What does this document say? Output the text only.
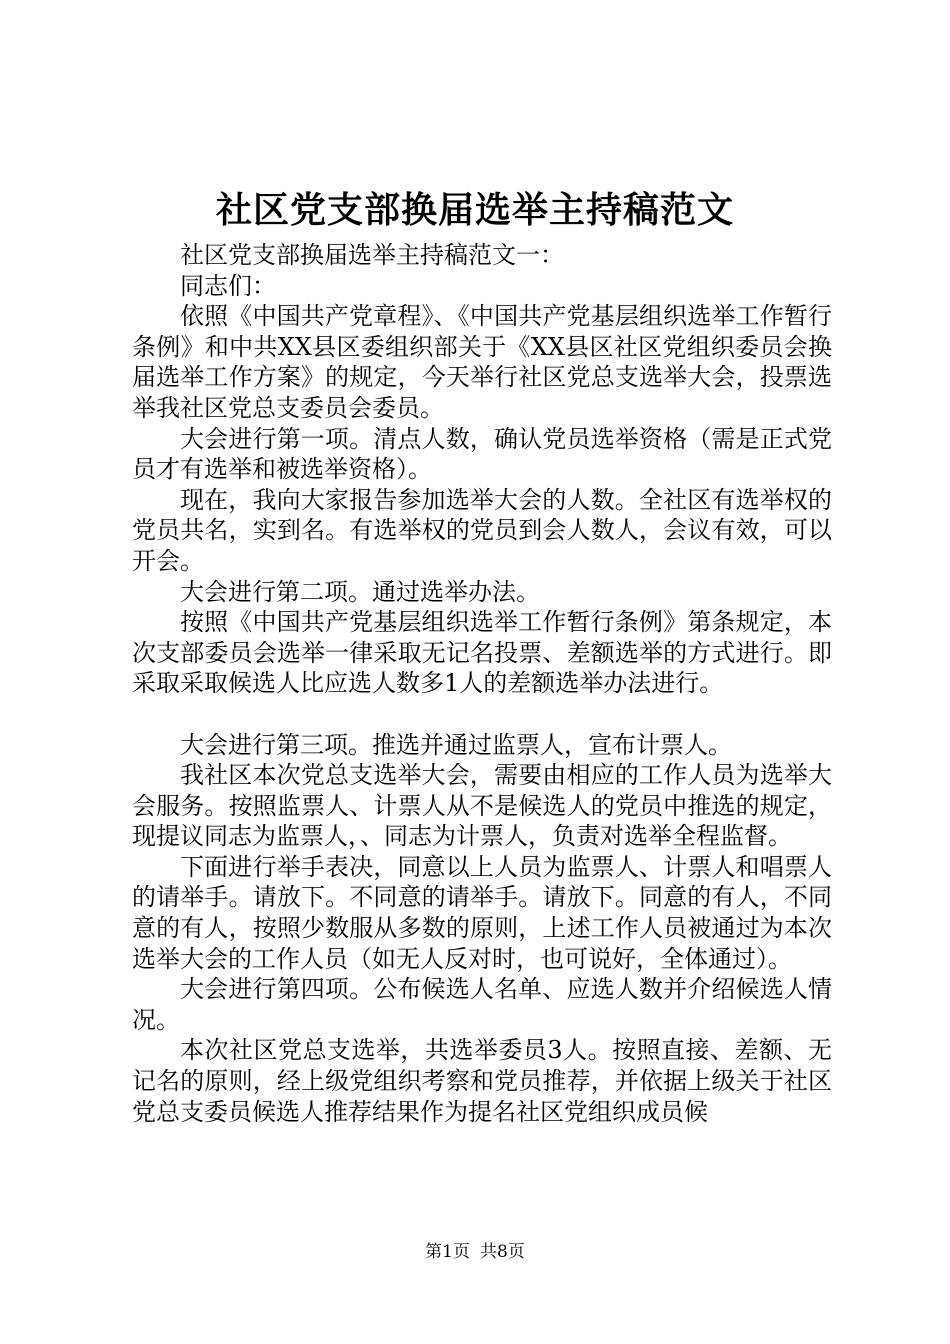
社区党支部换届选举主持稿范文

社区党支部换届选举主持稿范文一：

同志们：

依照《中国共产党章程》、《中国共产党基层组织选举工作暂行条例》和中共XX县区委组织部关于《XX县区社区党组织委员会换届选举工作方案》的规定，今天举行社区党总支选举大会，投票选举我社区党总支委员会委员。

大会进行第一项。清点人数，确认党员选举资格（需是正式党员才有选举和被选举资格）。

现在，我向大家报告参加选举大会的人数。全社区有选举权的党员共名，实到名。有选举权的党员到会人数人，会议有效，可以开会。

大会进行第二项。通过选举办法。

按照《中国共产党基层组织选举工作暂行条例》第条规定，本次支部委员会选举一律采取无记名投票、差额选举的方式进行。即采取采取候选人比应选人数多1人的差额选举办法进行。

大会进行第三项。推选并通过监票人，宣布计票人。

我社区本次党总支选举大会，需要由相应的工作人员为选举大会服务。按照监票人、计票人从不是候选人的党员中推选的规定，现提议同志为监票人，、同志为计票人，负责对选举全程监督。

下面进行举手表决，同意以上人员为监票人、计票人和唱票人的请举手。请放下。不同意的请举手。请放下。同意的有人，不同意的有人，按照少数服从多数的原则，上述工作人员被通过为本次选举大会的工作人员（如无人反对时，也可说好，全体通过）。

大会进行第四项。公布候选人名单、应选人数并介绍候选人情况。

本次社区党总支选举，共选举委员3人。按照直接、差额、无记名的原则，经上级党组织考察和党员推荐，并依据上级关于社区党总支委员候选人推荐结果作为提名社区党组织成员候

第1页 共8页
